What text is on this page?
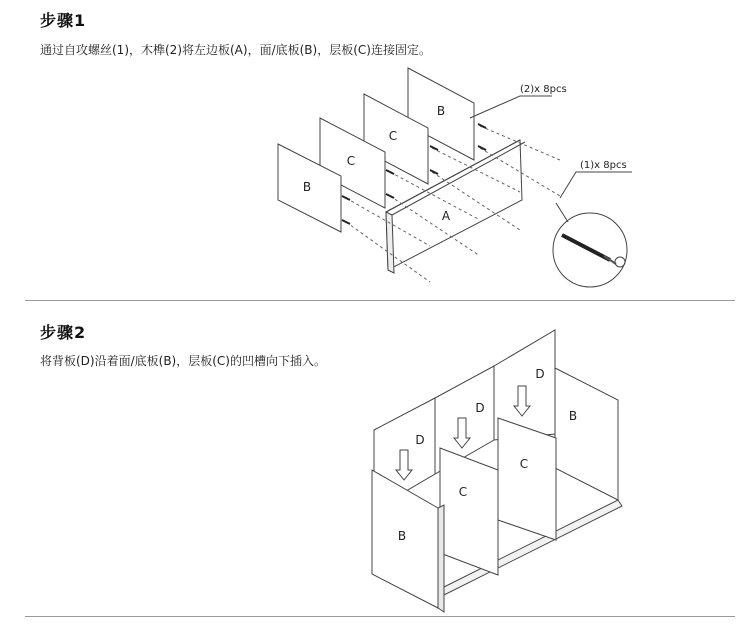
步骤1
通过自攻螺丝(1)，木榫(2)将左边板(A)，面/底板(B)，层板(C)连接固定。
B
C
C
B
A
(2)x 8pcs
(1)x 8pcs
步骤2
将背板(D)沿着面/底板(B)，层板(C)的凹槽向下插入。
D
D
D
B
C
C
B
